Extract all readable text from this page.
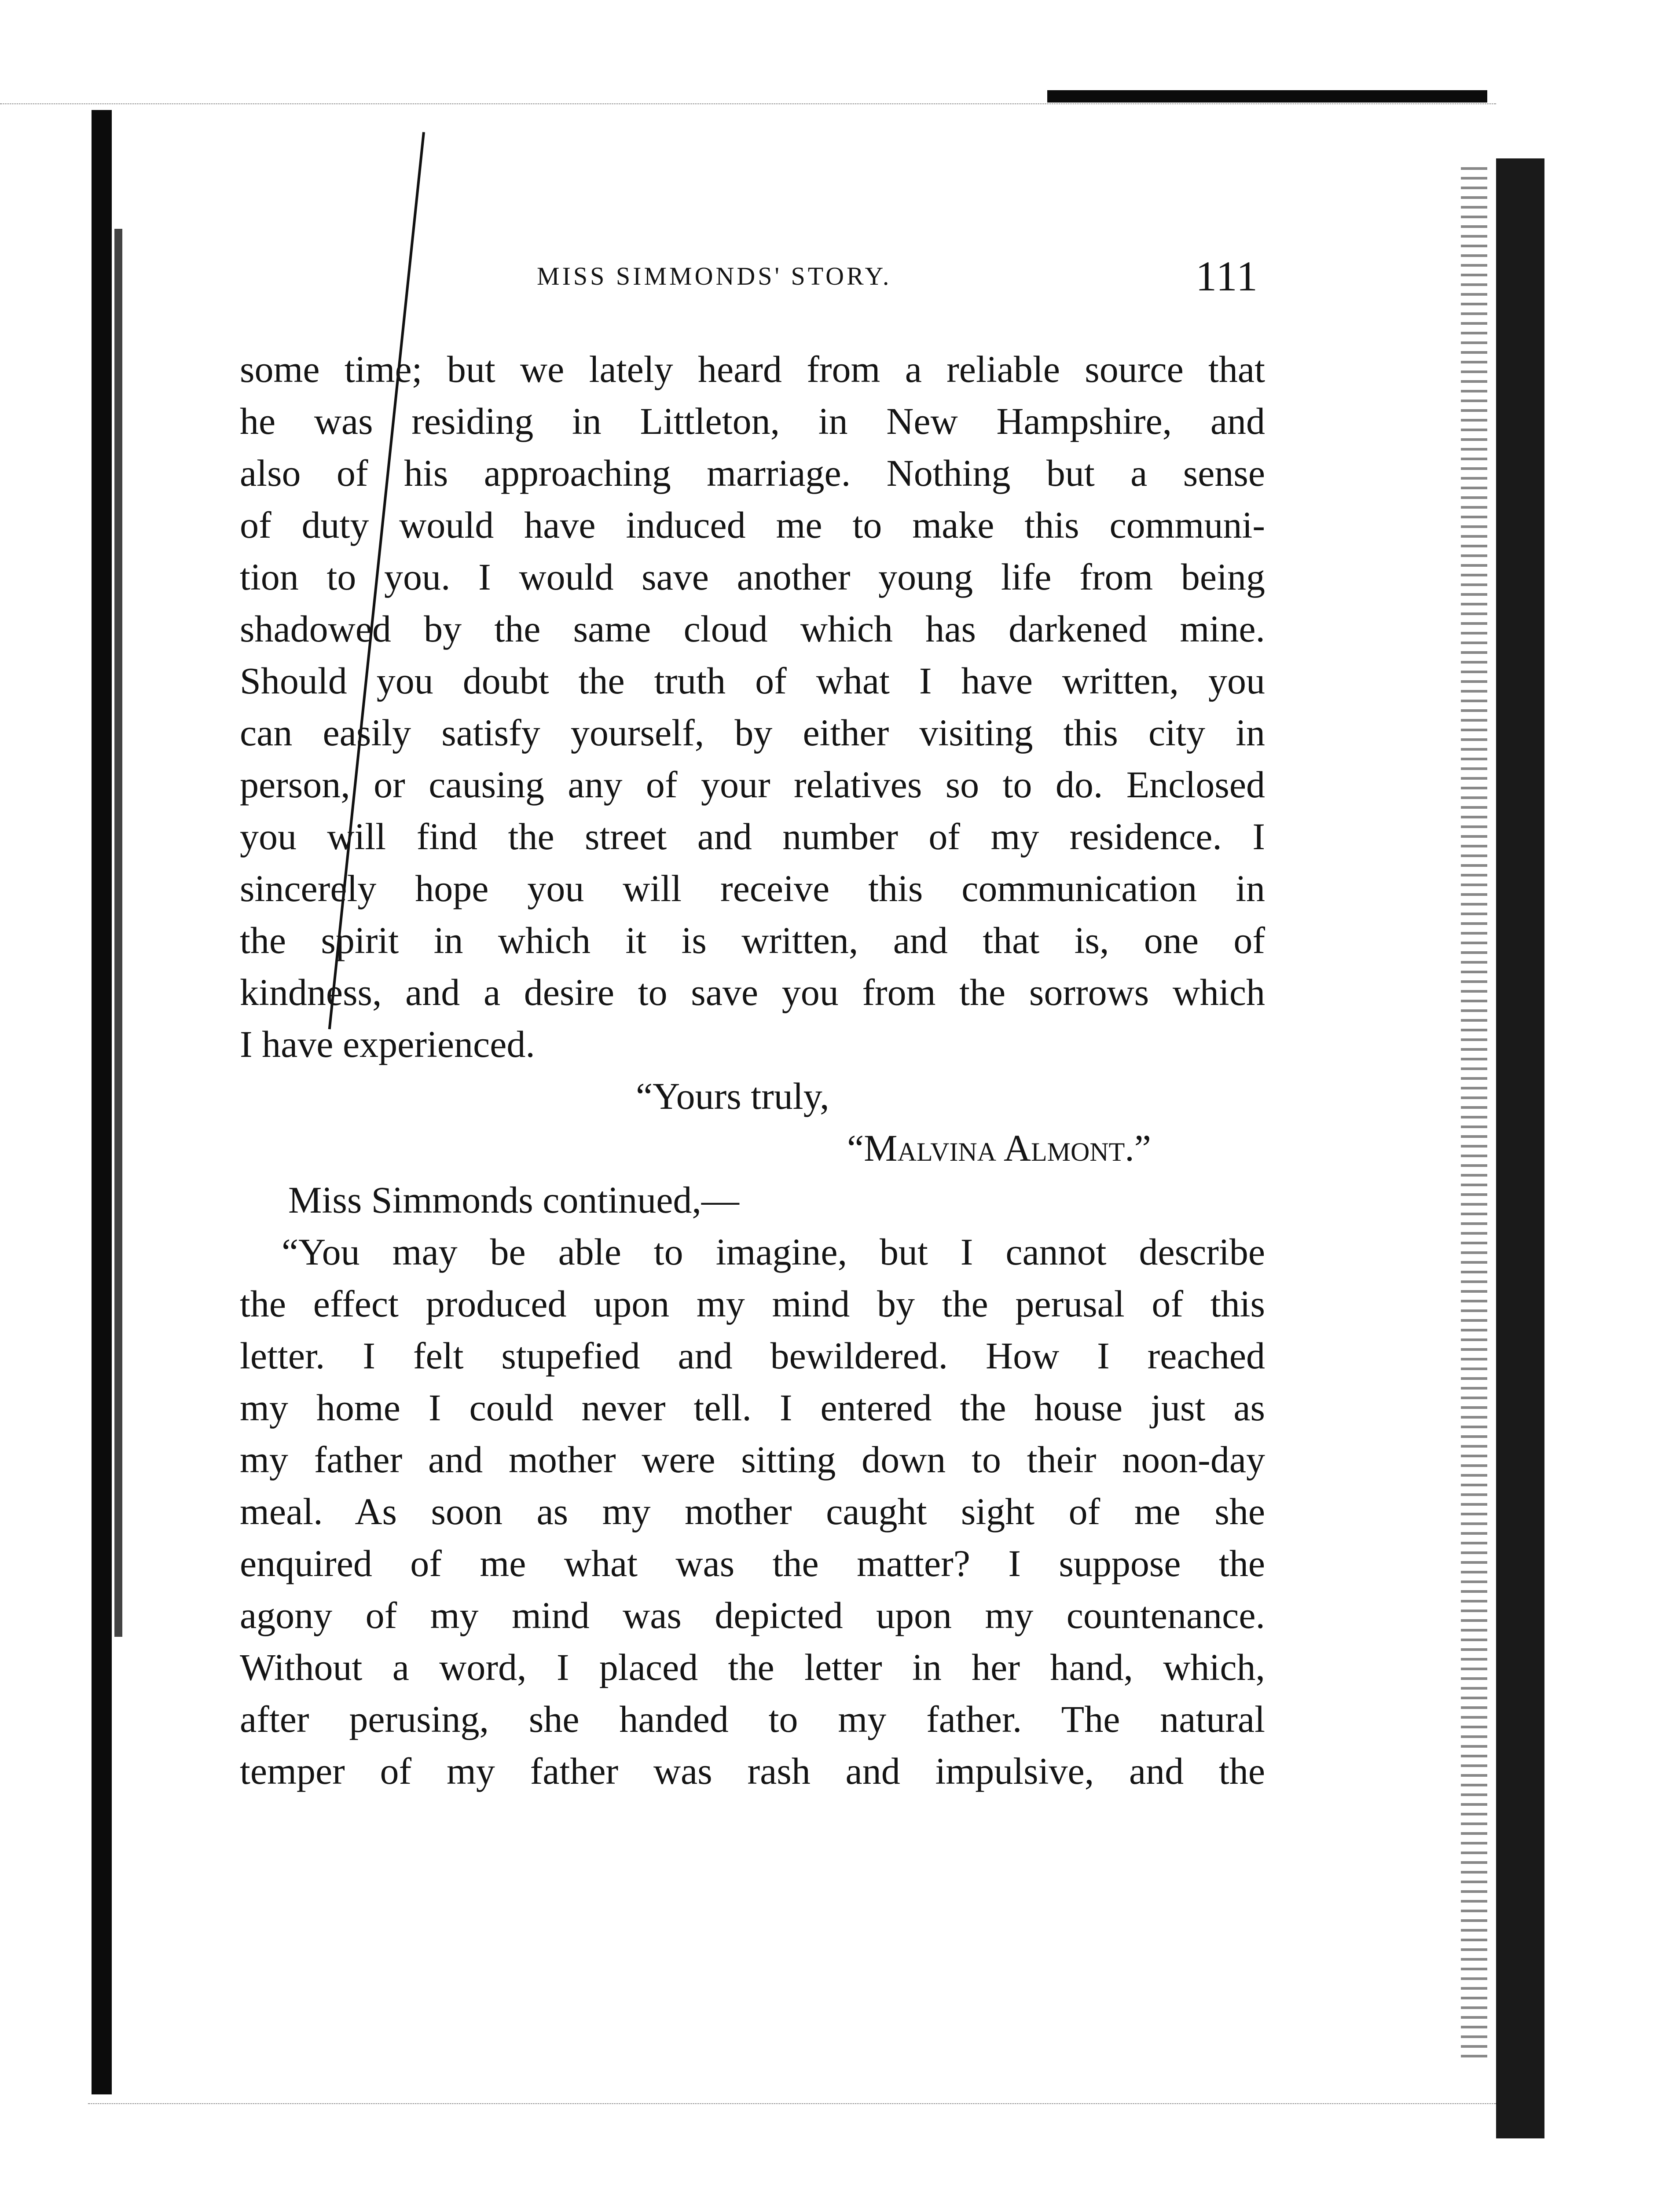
MISS SIMMONDS' STORY.	111
some time; but we lately heard from a reliable source that
he was residing in Littleton, in New Hampshire, and
also of his approaching marriage. Nothing but a sense
of duty would have induced me to make this communi-
tion to you. I would save another young life from being
shadowed by the same cloud which has darkened mine.
Should you doubt the truth of what I have written, you
can easily satisfy yourself, by either visiting this city in
person, or causing any of your relatives so to do. Enclosed
you will find the street and number of my residence. I
sincerely hope you will receive this communication in
the spirit in which it is written, and that is, one of
kindness, and a desire to save you from the sorrows which
I have experienced.
“Yours truly,
“Malvina Almont.”
Miss Simmonds continued,—
“You may be able to imagine, but I cannot describe
the effect produced upon my mind by the perusal of this
letter. I felt stupefied and bewildered. How I reached
my home I could never tell. I entered the house just as
my father and mother were sitting down to their noon-day
meal. As soon as my mother caught sight of me she
enquired of me what was the matter? I suppose the
agony of my mind was depicted upon my countenance.
Without a word, I placed the letter in her hand, which,
after perusing, she handed to my father. The natural
temper of my father was rash and impulsive, and the
